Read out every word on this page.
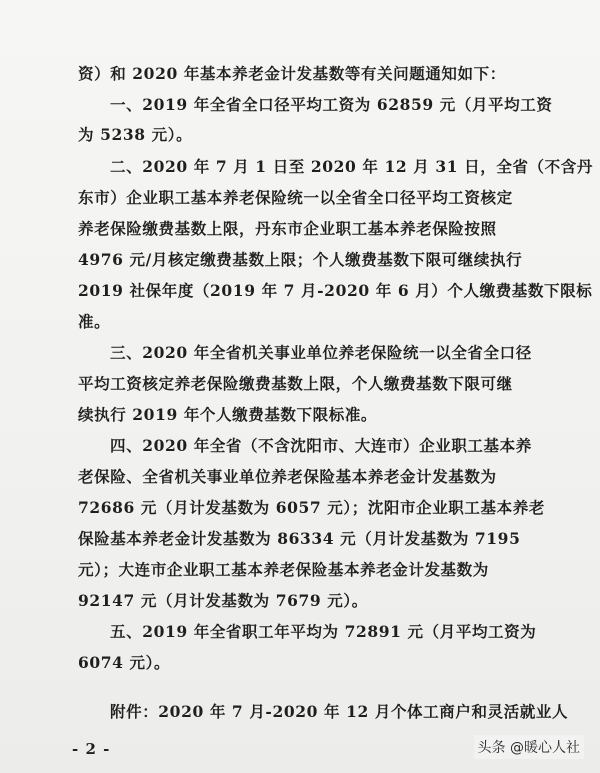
资）和 2020 年基本养老金计发基数等有关问题通知如下：
一、2019 年全省全口径平均工资为 62859 元（月平均工资
为 5238 元）。
二、2020 年 7 月 1 日至 2020 年 12 月 31 日，全省（不含丹
东市）企业职工基本养老保险统一以全省全口径平均工资核定
养老保险缴费基数上限，丹东市企业职工基本养老保险按照
4976 元/月核定缴费基数上限；个人缴费基数下限可继续执行
2019 社保年度（2019 年 7 月-2020 年 6 月）个人缴费基数下限标
准。
三、2020 年全省机关事业单位养老保险统一以全省全口径
平均工资核定养老保险缴费基数上限，个人缴费基数下限可继
续执行 2019 年个人缴费基数下限标准。
四、2020 年全省（不含沈阳市、大连市）企业职工基本养
老保险、全省机关事业单位养老保险基本养老金计发基数为
72686 元（月计发基数为 6057 元）；沈阳市企业职工基本养老
保险基本养老金计发基数为 86334 元（月计发基数为 7195
元）；大连市企业职工基本养老保险基本养老金计发基数为
92147 元（月计发基数为 7679 元）。
五、2019 年全省职工年平均为 72891 元（月平均工资为
6074 元）。
附件：2020 年 7 月-2020 年 12 月个体工商户和灵活就业人
- 2 -	头条 @暖心人社
